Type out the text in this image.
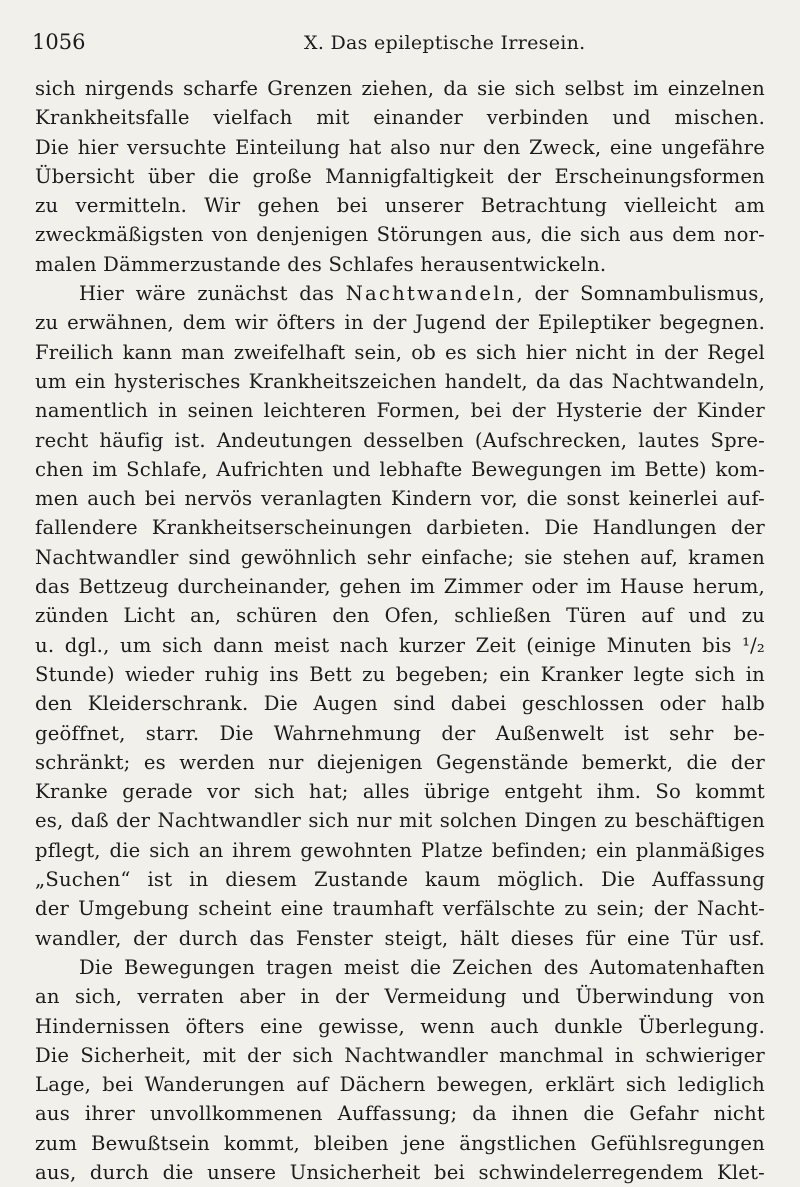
1056	X. Das epileptische Irresein.
sich nirgends scharfe Grenzen ziehen, da sie sich selbst im einzelnen
Krankheitsfalle vielfach mit einander verbinden und mischen.
Die hier versuchte Einteilung hat also nur den Zweck, eine ungefähre
Übersicht über die große Mannigfaltigkeit der Erscheinungsformen
zu vermitteln. Wir gehen bei unserer Betrachtung vielleicht am
zweckmäßigsten von denjenigen Störungen aus, die sich aus dem nor-
malen Dämmerzustande des Schlafes herausentwickeln.
Hier wäre zunächst das Nachtwandeln, der Somnambulismus,
zu erwähnen, dem wir öfters in der Jugend der Epileptiker begegnen.
Freilich kann man zweifelhaft sein, ob es sich hier nicht in der Regel
um ein hysterisches Krankheitszeichen handelt, da das Nachtwandeln,
namentlich in seinen leichteren Formen, bei der Hysterie der Kinder
recht häufig ist. Andeutungen desselben (Aufschrecken, lautes Spre-
chen im Schlafe, Aufrichten und lebhafte Bewegungen im Bette) kom-
men auch bei nervös veranlagten Kindern vor, die sonst keinerlei auf-
fallendere Krankheitserscheinungen darbieten. Die Handlungen der
Nachtwandler sind gewöhnlich sehr einfache; sie stehen auf, kramen
das Bettzeug durcheinander, gehen im Zimmer oder im Hause herum,
zünden Licht an, schüren den Ofen, schließen Türen auf und zu
u. dgl., um sich dann meist nach kurzer Zeit (einige Minuten bis ¹/₂
Stunde) wieder ruhig ins Bett zu begeben; ein Kranker legte sich in
den Kleiderschrank. Die Augen sind dabei geschlossen oder halb
geöffnet, starr. Die Wahrnehmung der Außenwelt ist sehr be-
schränkt; es werden nur diejenigen Gegenstände bemerkt, die der
Kranke gerade vor sich hat; alles übrige entgeht ihm. So kommt
es, daß der Nachtwandler sich nur mit solchen Dingen zu beschäftigen
pflegt, die sich an ihrem gewohnten Platze befinden; ein planmäßiges
„Suchen“ ist in diesem Zustande kaum möglich. Die Auffassung
der Umgebung scheint eine traumhaft verfälschte zu sein; der Nacht-
wandler, der durch das Fenster steigt, hält dieses für eine Tür usf.
Die Bewegungen tragen meist die Zeichen des Automatenhaften
an sich, verraten aber in der Vermeidung und Überwindung von
Hindernissen öfters eine gewisse, wenn auch dunkle Überlegung.
Die Sicherheit, mit der sich Nachtwandler manchmal in schwieriger
Lage, bei Wanderungen auf Dächern bewegen, erklärt sich lediglich
aus ihrer unvollkommenen Auffassung; da ihnen die Gefahr nicht
zum Bewußtsein kommt, bleiben jene ängstlichen Gefühlsregungen
aus, durch die unsere Unsicherheit bei schwindelerregendem Klet-
